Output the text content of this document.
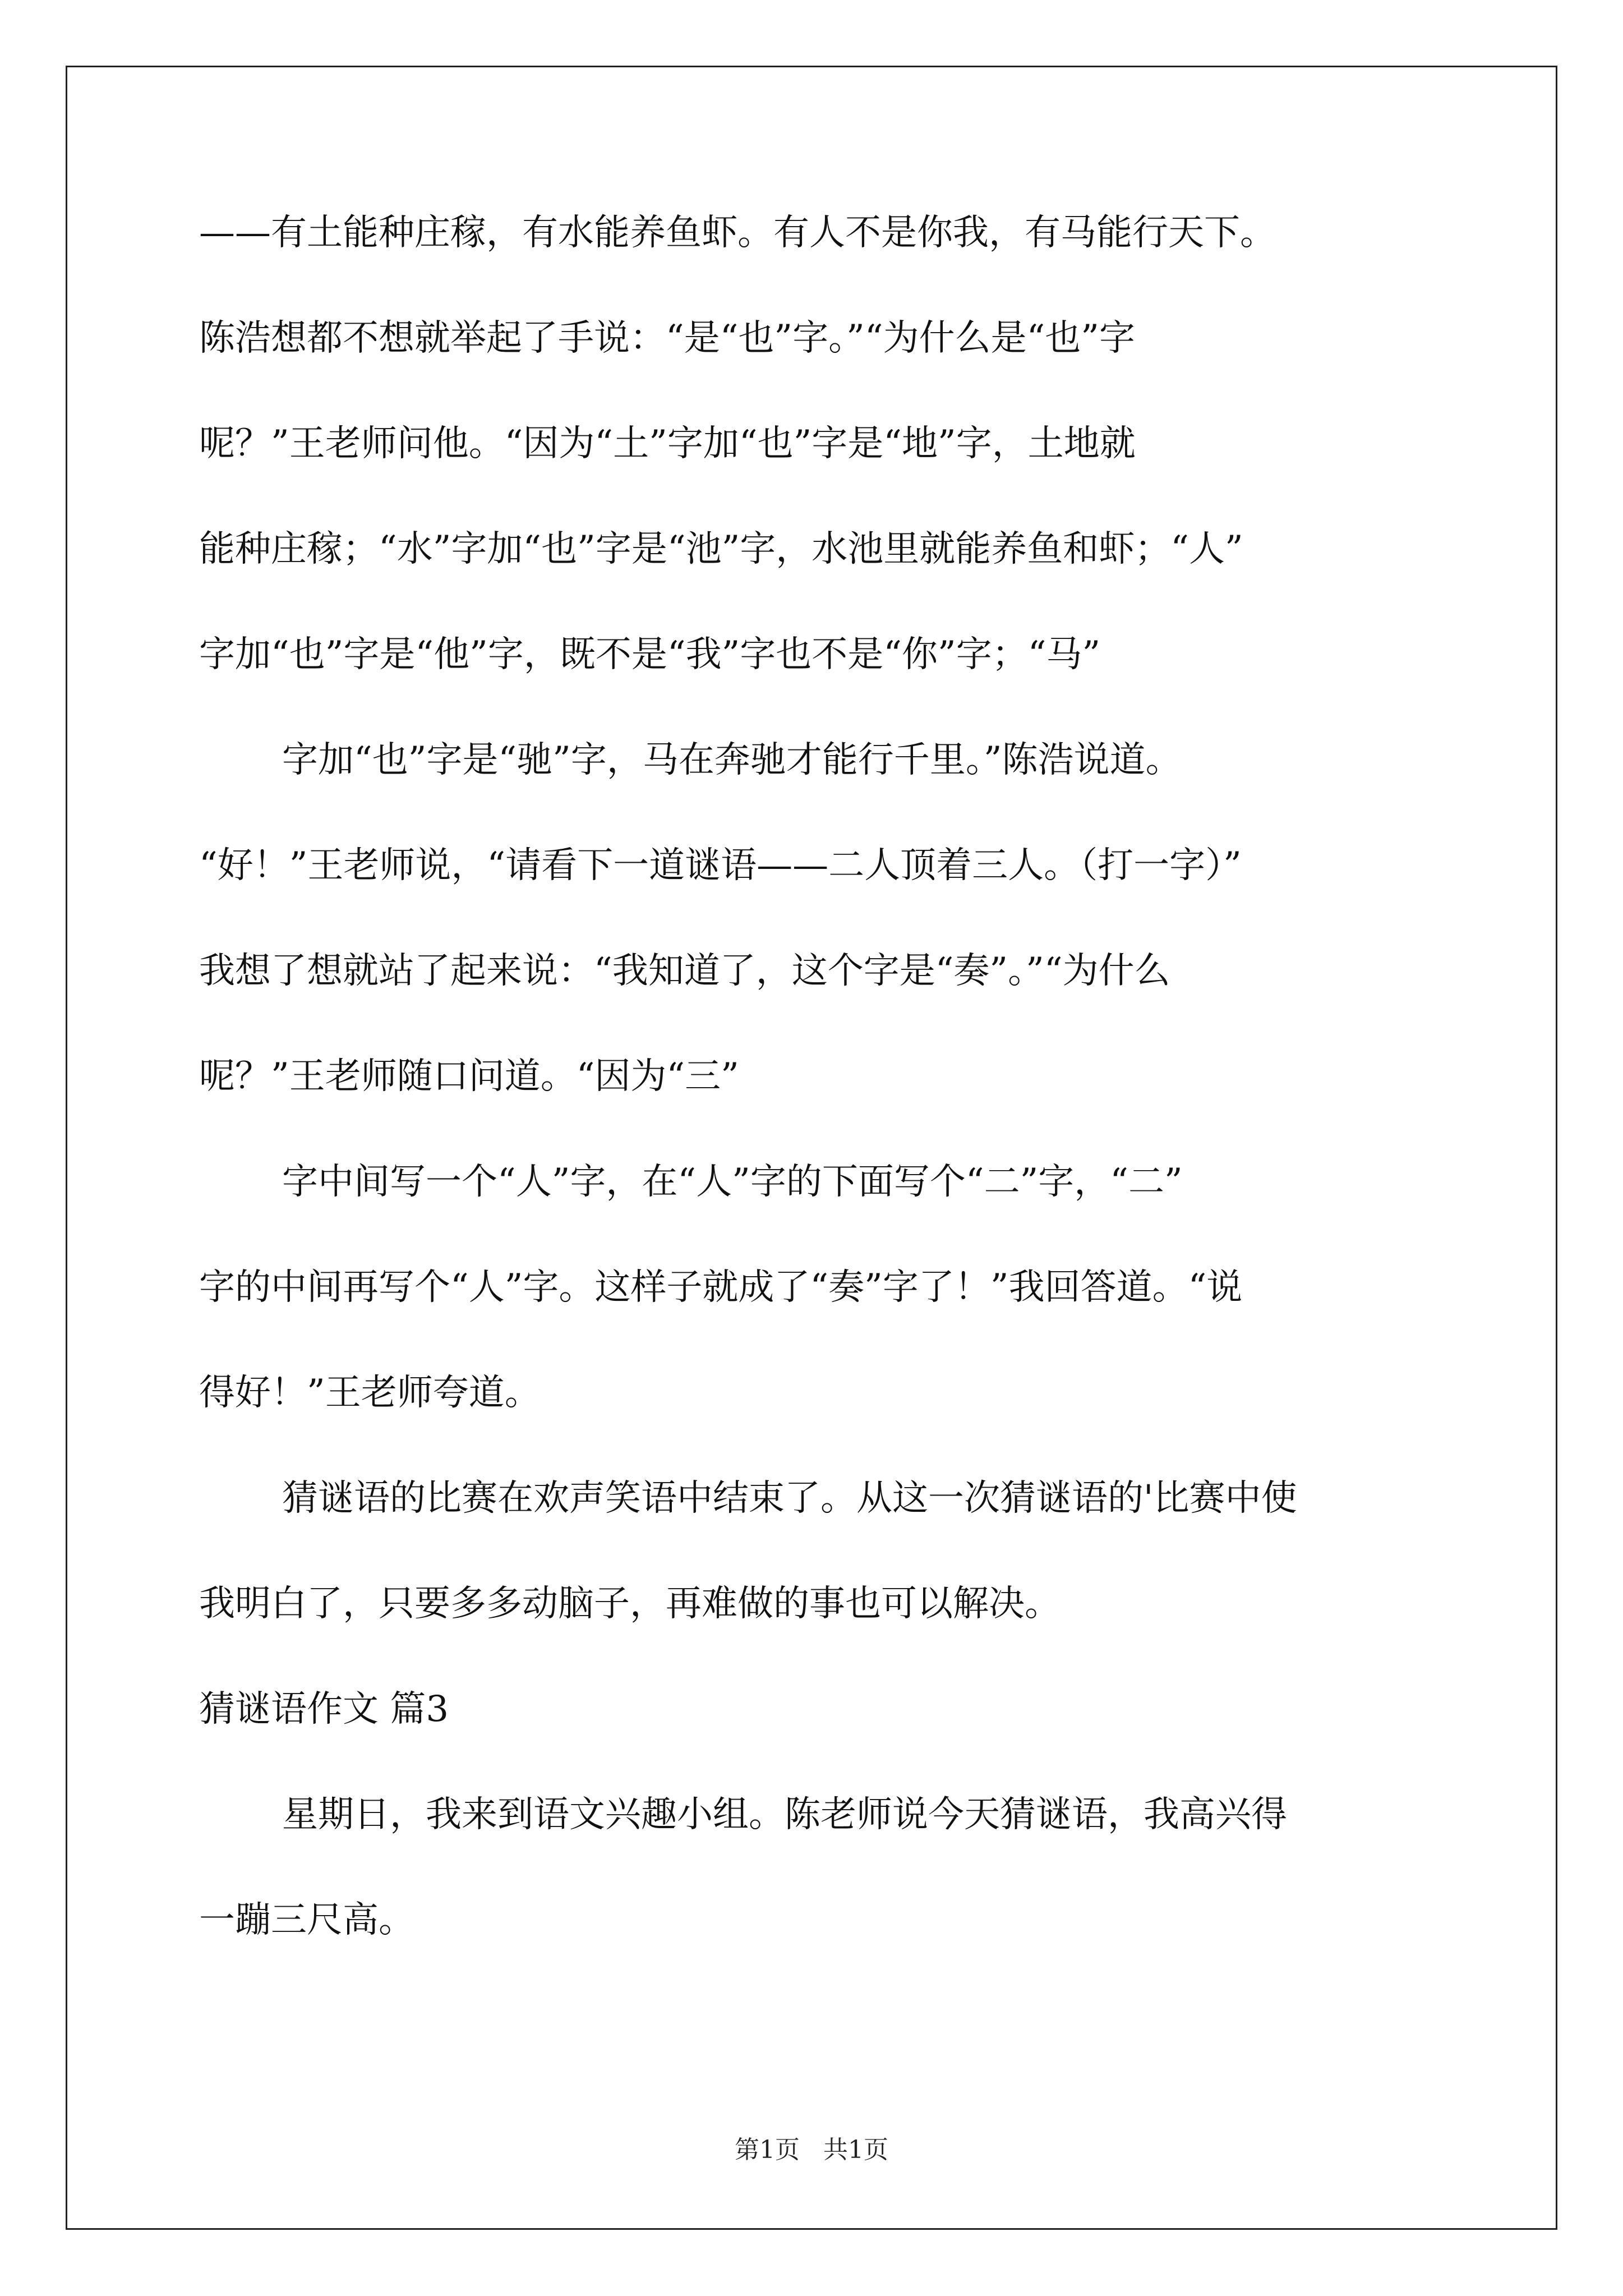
——有土能种庄稼，有水能养鱼虾。有人不是你我，有马能行天下。
陈浩想都不想就举起了手说：“是“也”字。”“为什么是“也”字
呢？”王老师问他。“因为“土”字加“也”字是“地”字，土地就
能种庄稼；“水”字加“也”字是“池”字，水池里就能养鱼和虾；“人”
字加“也”字是“他”字，既不是“我”字也不是“你”字；“马”
字加“也”字是“驰”字，马在奔驰才能行千里。”陈浩说道。
“好！”王老师说，“请看下一道谜语——二人顶着三人。（打一字）”
我想了想就站了起来说：“我知道了，这个字是“奏”。”“为什么
呢？”王老师随口问道。“因为“三”
字中间写一个“人”字，在“人”字的下面写个“二”字，“二”
字的中间再写个“人”字。这样子就成了“奏”字了！”我回答道。“说
得好！”王老师夸道。
猜谜语的比赛在欢声笑语中结束了。从这一次猜谜语的'比赛中使
我明白了，只要多多动脑子，再难做的事也可以解决。
猜谜语作文 篇3
星期日，我来到语文兴趣小组。陈老师说今天猜谜语，我高兴得
一蹦三尺高。
第1页   共1页
